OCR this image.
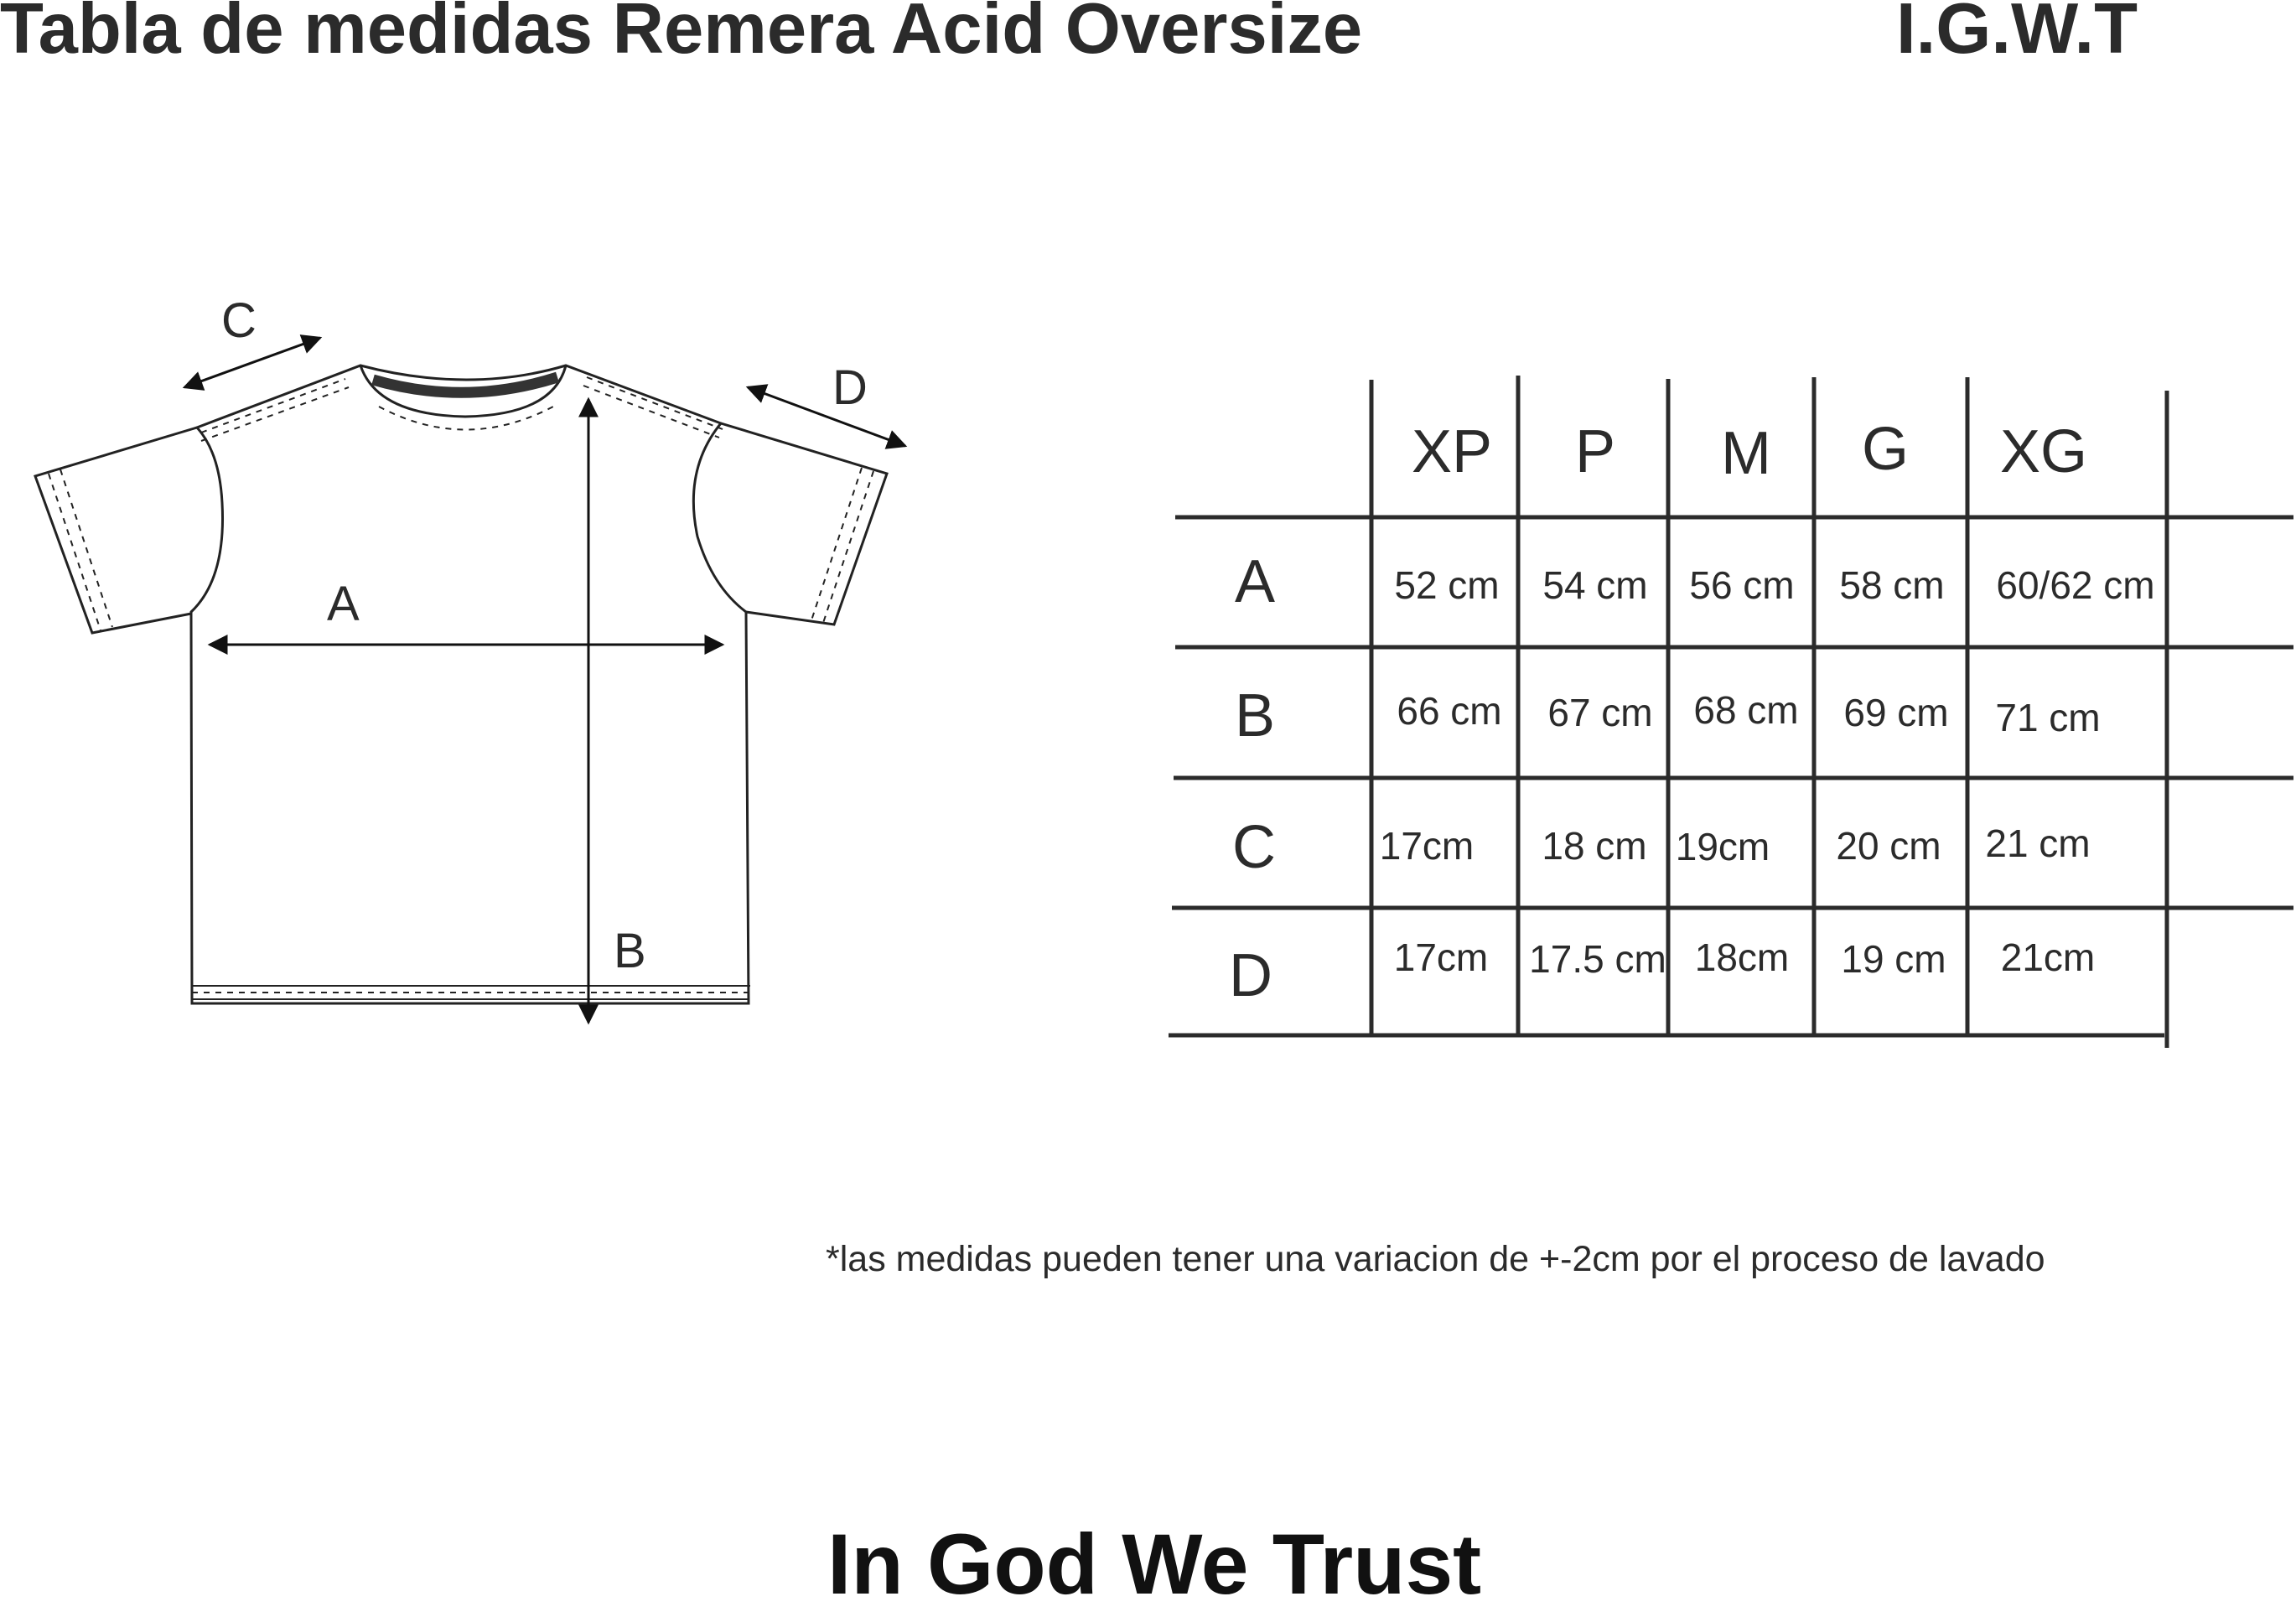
Tabla de medidas Remera Acid Oversize	I.G.W.T
A
B
C
D
XP P M G XG
A	52 cm 54 cm 56 cm 58 cm 60/62 cm
B	66 cm 67 cm 68 cm 69 cm 71 cm
C	17cm 18 cm 19cm 20 cm 21 cm
D	17cm 17.5 cm 18cm 19 cm 21cm
*las medidas pueden tener una variacion de +-2cm por el proceso de lavado
In God We Trust
